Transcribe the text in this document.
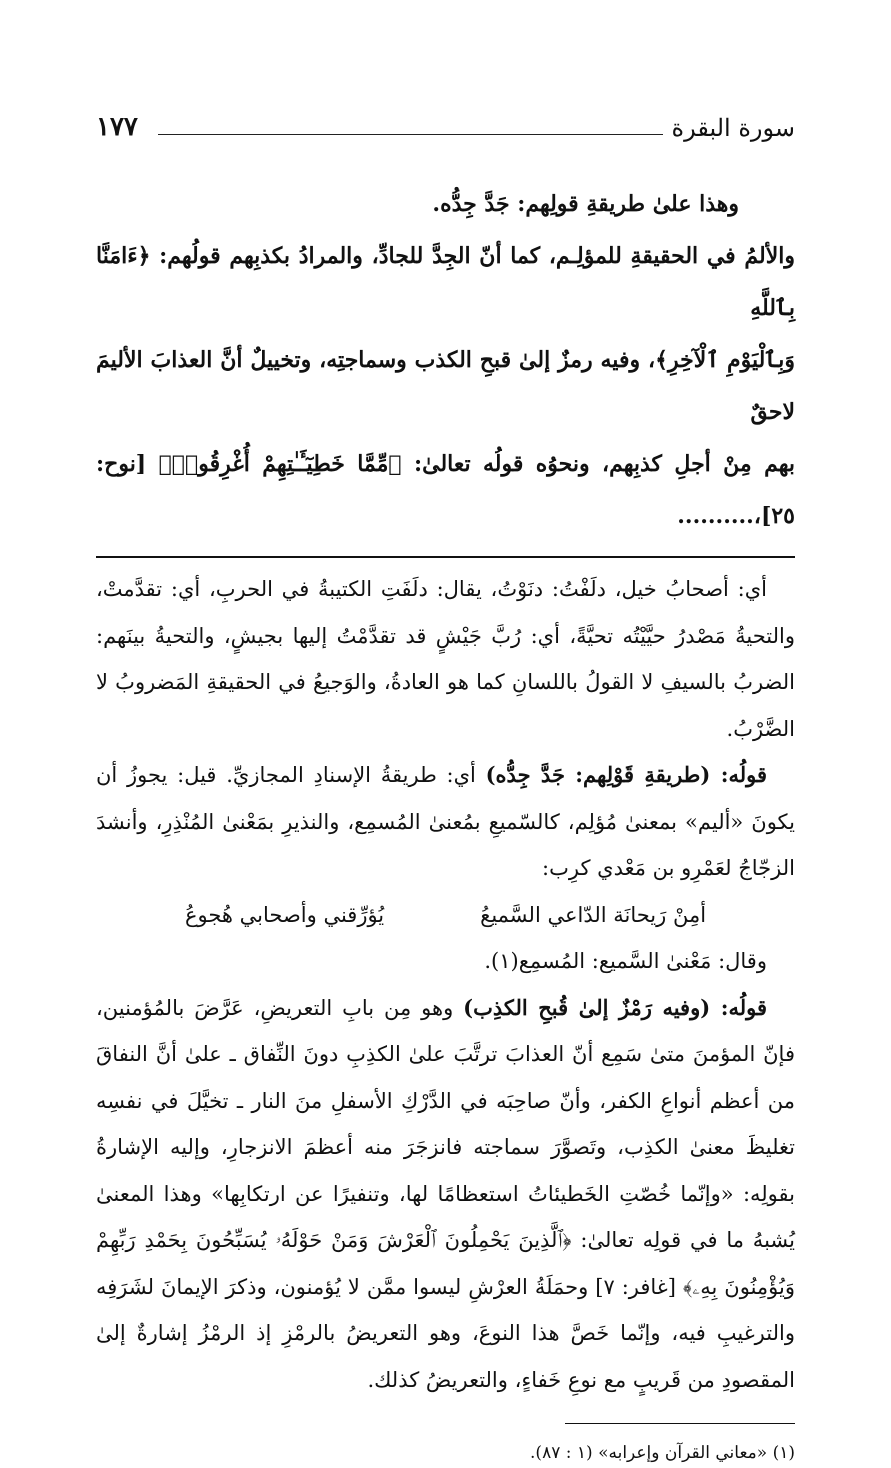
سورة البقرة
١٧٧

وهذا علىٰ طريقةِ قولِهم: جَدَّ جِدُّه.

والألمُ في الحقيقةِ للمؤلِـم، كما أنّ الجِدَّ للجادِّ، والمرادُ بكذبِهم قولُهم: ﴿ءَامَنَّا بِٱللَّهِ

وَبِٱلْيَوْمِ ٱلْآخِرِ﴾، وفيه رمزٌ إلىٰ قبحِ الكذب وسماجتِه، وتخييلٌ أنَّ العذابَ الأليمَ لاحقٌ

بهم مِنْ أجلِ كذبِهم، ونحوُه قولُه تعالىٰ: ﴿مِّمَّا خَطِيٓـَٔـٰتِهِمْ أُغْرِقُوا۟﴾ [نوح: ٢٥]،..........

أي: أصحابُ خيل، دلَفْتُ: دنَوْتُ، يقال: دلَفَتِ الكتيبةُ في الحربِ، أي: تقدَّمتْ، والتحيةُ مَصْدرُ حيَّيْتُه تحيَّةً، أي: رُبَّ جَيْشٍ قد تقدَّمْتُ إليها بجيشٍ، والتحيةُ بينَهم: الضربُ بالسيفِ لا القولُ باللسانِ كما هو العادةُ، والوَجيعُ في الحقيقةِ المَضروبُ لا الضَّرْبُ.

قولُه: (طريقةِ قَوْلِهم: جَدَّ جِدُّه) أي: طريقةُ الإسنادِ المجازيِّ. قيل: يجوزُ أن يكونَ «أليم» بمعنىٰ مُؤلِم، كالسّميعِ بمُعنىٰ المُسمِع، والنذيرِ بمَعْنىٰ المُنْذِرِ، وأنشدَ الزجّاجُ لعَمْرِو بن مَعْدي كرِب:

أمِنْ رَيحانَة الدّاعي السَّميعُ
يُؤرِّقني وأصحابي هُجوعُ

وقال: مَعْنىٰ السَّميع: المُسمِع(١).

قولُه: (وفيه رَمْزٌ إلىٰ قُبحِ الكذِب) وهو مِن بابِ التعريضِ، عَرَّضَ بالمُؤمنين، فإنّ المؤمنَ متىٰ سَمِع أنّ العذابَ ترتَّبَ علىٰ الكذِبِ دونَ النِّفاق ـ علىٰ أنَّ النفاقَ من أعظم أنواعِ الكفر، وأنّ صاحِبَه في الدَّرْكِ الأسفلِ منَ النار ـ تخيَّلَ في نفسِه تغليظَ معنىٰ الكذِب، وتَصوَّرَ سماجته فانزجَرَ منه أعظمَ الانزجارِ، وإليه الإشارةُ بقولِه: «وإنّما خُصّتِ الخَطيئاتُ استعظامًا لها، وتنفيرًا عن ارتكابِها» وهذا المعنىٰ يُشبهُ ما في قولِه تعالىٰ: ﴿ٱلَّذِينَ يَحْمِلُونَ ٱلْعَرْشَ وَمَنْ حَوْلَهُۥ يُسَبِّحُونَ بِحَمْدِ رَبِّهِمْ وَيُؤْمِنُونَ بِهِۦ﴾ [غافر: ٧] وحمَلَةُ العرْشِ ليسوا ممَّن لا يُؤمنون، وذكرَ الإيمانَ لشَرَفِه والترغيبِ فيه، وإنّما خَصَّ هذا النوعَ، وهو التعريضُ بالرمْزِ إذ الرمْزُ إشارةٌ إلىٰ المقصودِ من قَريبٍ مع نوعِ خَفاءٍ، والتعريضُ كذلك.

(١) «معاني القرآن وإعرابه» (١ : ٨٧).
